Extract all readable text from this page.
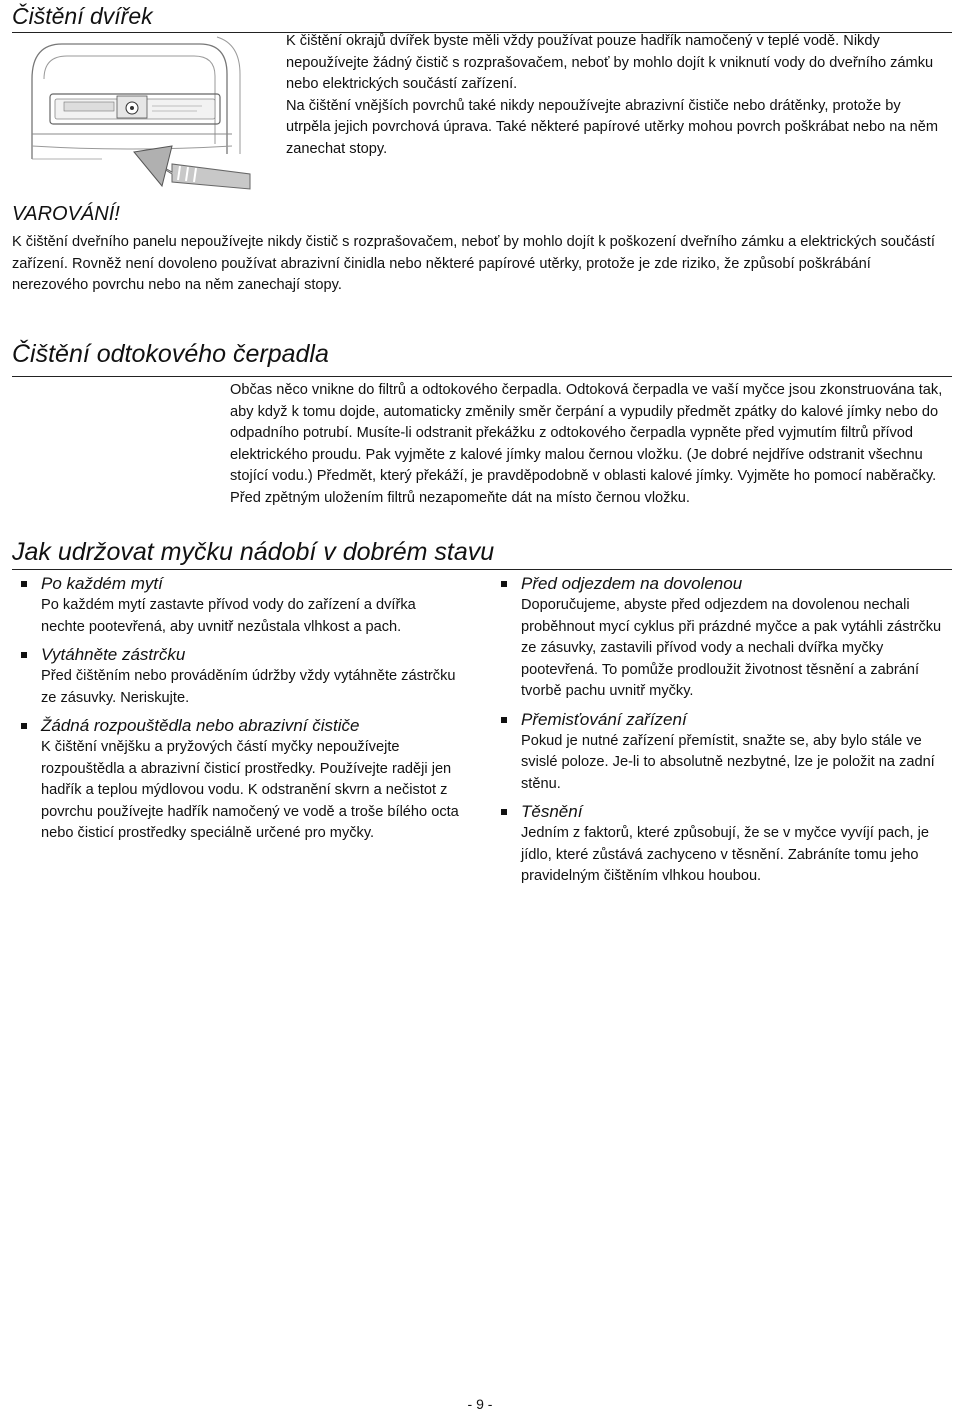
Čištění dvířek

K čištění okrajů dvířek byste měli vždy používat pouze hadřík namočený v teplé vodě. Nikdy nepoužívejte žádný čistič s rozprašovačem, neboť by mohlo dojít k vniknutí vody do dveřního zámku nebo elektrických součástí zařízení.

Na čištění vnějších povrchů také nikdy nepoužívejte abrazivní čističe nebo drátěnky, protože by utrpěla jejich povrchová úprava. Také některé papírové utěrky mohou povrch poškrábat nebo na něm zanechat stopy.

VAROVÁNÍ!
K čištění dveřního panelu nepoužívejte nikdy čistič s rozprašovačem, neboť by mohlo dojít k poškození dveřního zámku a elektrických součástí zařízení. Rovněž není dovoleno používat abrazivní činidla nebo některé papírové utěrky, protože je zde riziko, že způsobí poškrábání nerezového povrchu nebo na něm zanechají stopy.
Čištění odtokového čerpadla
Občas něco vnikne do filtrů a odtokového čerpadla. Odtoková čerpadla ve vaší myčce jsou zkonstruována tak, aby když k tomu dojde, automaticky změnily směr čerpání a vypudily předmět zpátky do kalové jímky nebo do odpadního potrubí. Musíte-li odstranit překážku z odtokového čerpadla vypněte před vyjmutím filtrů přívod elektrického proudu. Pak vyjměte z kalové jímky malou černou vložku. (Je dobré nejdříve odstranit všechnu stojící vodu.) Předmět, který překáží, je pravděpodobně v oblasti kalové jímky. Vyjměte ho pomocí naběračky. Před zpětným uložením filtrů nezapomeňte dát na místo černou vložku.
Jak udržovat myčku nádobí v dobrém stavu
Po každém mytí
Po každém mytí zastavte přívod vody do zařízení a dvířka nechte pootevřená, aby uvnitř nezůstala vlhkost a pach.
Vytáhněte zástrčku
Před čištěním nebo prováděním údržby vždy vytáhněte zástrčku ze zásuvky. Neriskujte.
Žádná rozpouštědla nebo abrazivní čističe
K čištění vnějšku a pryžových částí myčky nepoužívejte rozpouštědla a abrazivní čisticí prostředky. Používejte raději jen hadřík a teplou mýdlovou vodu. K odstranění skvrn a nečistot z povrchu používejte hadřík namočený ve vodě a troše bílého octa nebo čisticí prostředky speciálně určené pro myčky.
Před odjezdem na dovolenou
Doporučujeme, abyste před odjezdem na dovolenou nechali proběhnout mycí cyklus při prázdné myčce a pak vytáhli zástrčku ze zásuvky, zastavili přívod vody a nechali dvířka myčky pootevřená. To pomůže prodloužit životnost těsnění a zabrání tvorbě pachu uvnitř myčky.
Přemisťování zařízení
Pokud je nutné zařízení přemístit, snažte se, aby bylo stále ve svislé poloze. Je-li to absolutně nezbytné, lze je položit na zadní stěnu.
Těsnění
Jedním z faktorů, které způsobují, že se v myčce vyvíjí pach, je jídlo, které zůstává zachyceno v těsnění. Zabráníte tomu jeho pravidelným čištěním vlhkou houbou.
- 9 -
